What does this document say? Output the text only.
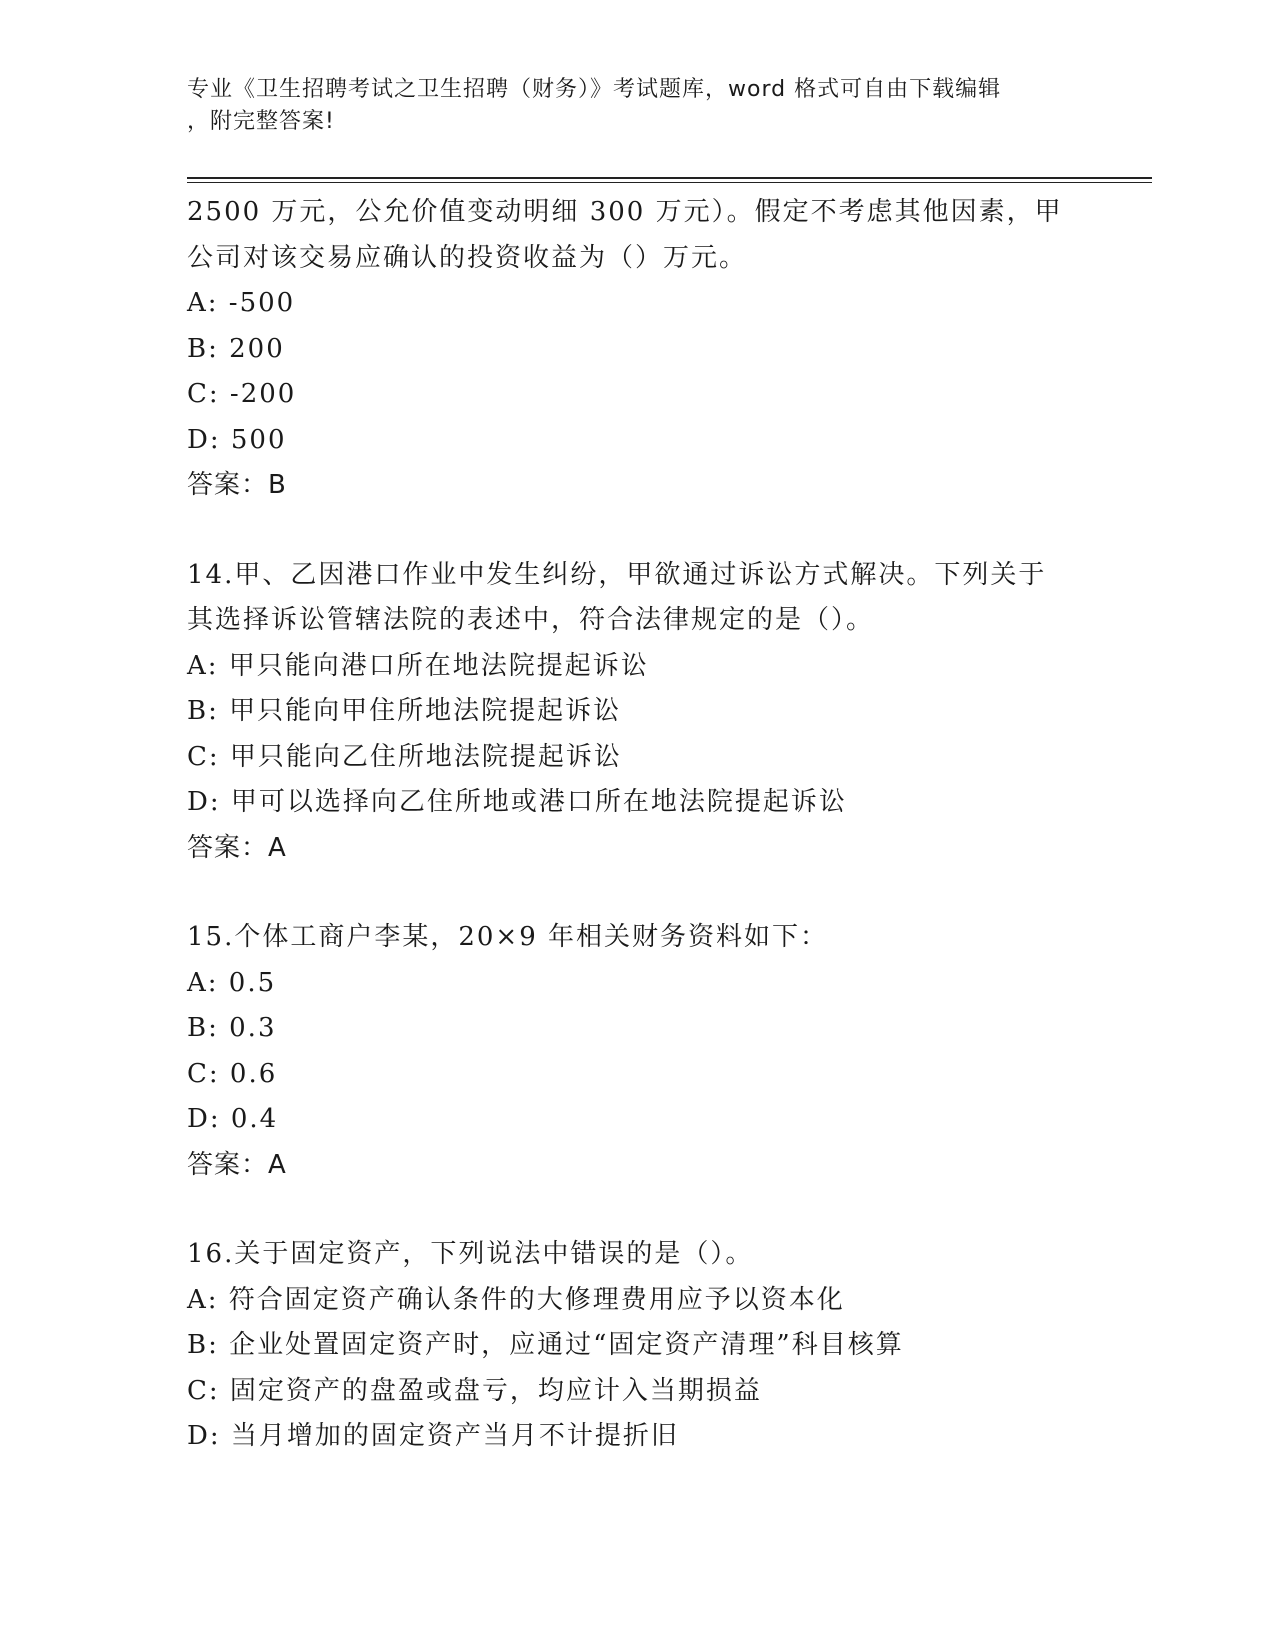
专业《卫生招聘考试之卫生招聘（财务）》考试题库，word 格式可自由下载编辑
，附完整答案!
2500 万元，公允价值变动明细 300 万元）。假定不考虑其他因素，甲
公司对该交易应确认的投资收益为（）万元。
A: -500
B: 200
C: -200
D: 500
答案：B
14.甲、乙因港口作业中发生纠纷，甲欲通过诉讼方式解决。下列关于
其选择诉讼管辖法院的表述中，符合法律规定的是（）。
A: 甲只能向港口所在地法院提起诉讼
B: 甲只能向甲住所地法院提起诉讼
C: 甲只能向乙住所地法院提起诉讼
D: 甲可以选择向乙住所地或港口所在地法院提起诉讼
答案：A
15.个体工商户李某，20×9 年相关财务资料如下：
A: 0.5
B: 0.3
C: 0.6
D: 0.4
答案：A
16.关于固定资产，下列说法中错误的是（）。
A: 符合固定资产确认条件的大修理费用应予以资本化
B: 企业处置固定资产时，应通过“固定资产清理”科目核算
C: 固定资产的盘盈或盘亏，均应计入当期损益
D: 当月增加的固定资产当月不计提折旧
